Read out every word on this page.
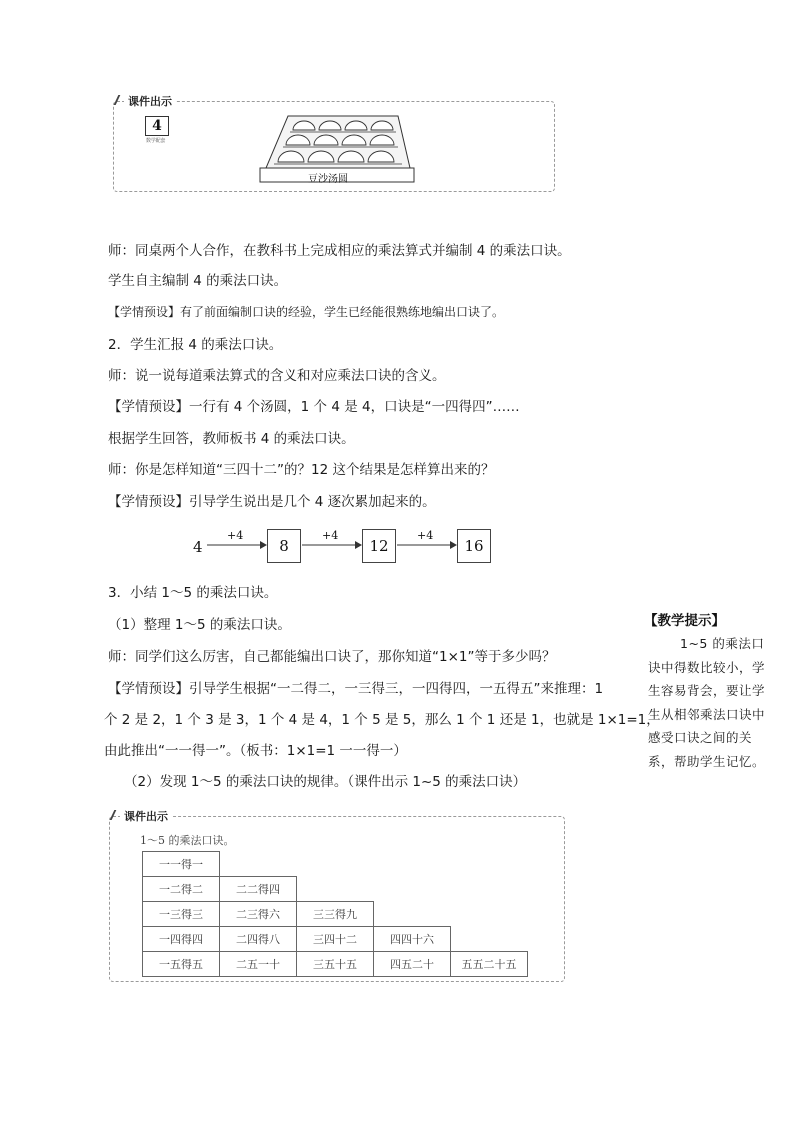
课件出示
4
数学配套
豆沙汤圆
师：同桌两个人合作，在教科书上完成相应的乘法算式并编制 4 的乘法口诀。
学生自主编制 4 的乘法口诀。
【学情预设】有了前面编制口诀的经验，学生已经能很熟练地编出口诀了。
2．学生汇报 4 的乘法口诀。
师：说一说每道乘法算式的含义和对应乘法口诀的含义。
【学情预设】一行有 4 个汤圆，1 个 4 是 4，口诀是“一四得四”……
根据学生回答，教师板书 4 的乘法口诀。
师：你是怎样知道“三四十二”的？12 这个结果是怎样算出来的？
【学情预设】引导学生说出是几个 4 逐次累加起来的。
4
+4
8
+4
12
+4
16
3．小结 1～5 的乘法口诀。
（1）整理 1～5 的乘法口诀。
师：同学们这么厉害，自己都能编出口诀了，那你知道“1×1”等于多少吗？
【学情预设】引导学生根据“一二得二，一三得三，一四得四，一五得五”来推理：1
个 2 是 2，1 个 3 是 3，1 个 4 是 4，1 个 5 是 5，那么 1 个 1 还是 1，也就是 1×1=1，
由此推出“一一得一”。（板书：1×1=1 一一得一）
（2）发现 1～5 的乘法口诀的规律。（课件出示 1~5 的乘法口诀）
【教学提示】
1~5 的乘法口诀中得数比较小，学生容易背会，要让学生从相邻乘法口诀中感受口诀之间的关系，帮助学生记忆。
课件出示
1～5 的乘法口诀。
一一得一				
一二得二	二二得四			
一三得三	二三得六	三三得九		
一四得四	二四得八	三四十二	四四十六	
一五得五	二五一十	三五十五	四五二十	五五二十五
